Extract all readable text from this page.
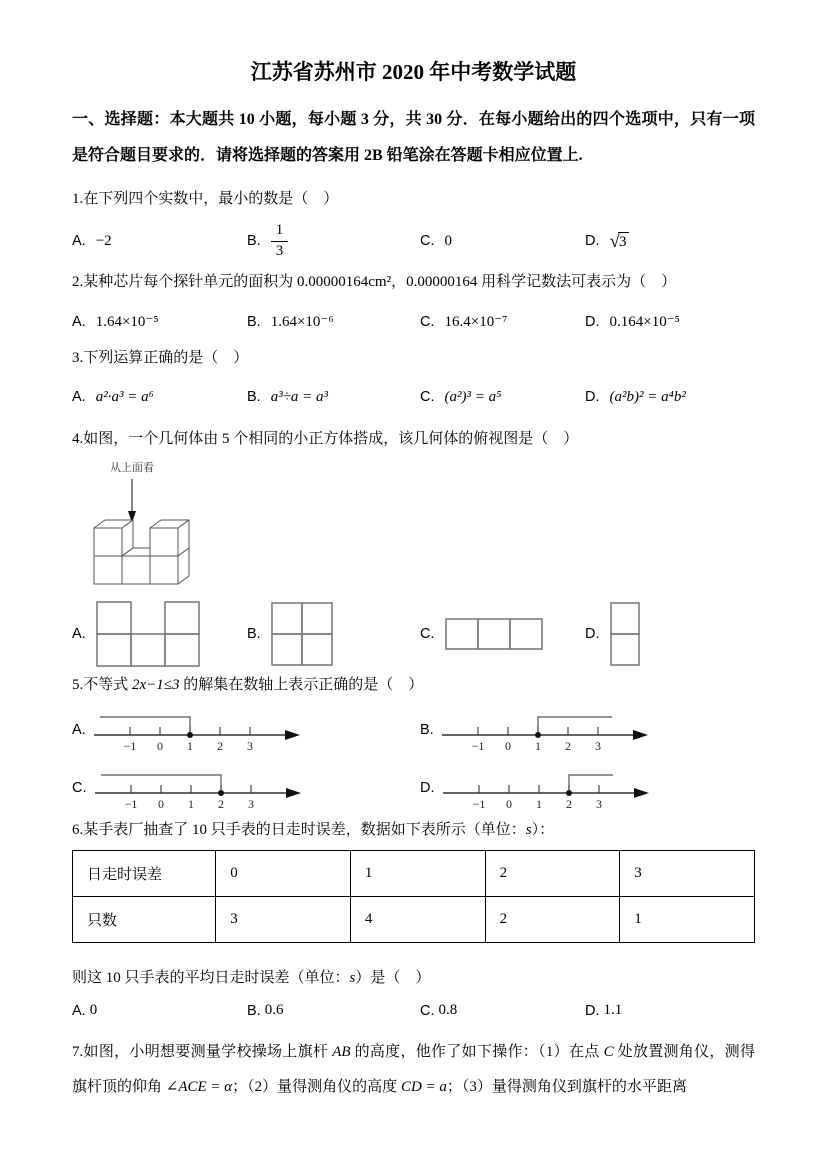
江苏省苏州市 2020 年中考数学试题
一、选择题：本大题共 10 小题，每小题 3 分，共 30 分．在每小题给出的四个选项中，只有一项是符合题目要求的．请将选择题的答案用 2B 铅笔涂在答题卡相应位置上.

1.在下列四个实数中，最小的数是（　）

A. −2	B. $\frac{1}{3}$	C. 0	D. √ 3

2.某种芯片每个探针单元的面积为 0.00000164cm²，0.00000164 用科学记数法可表示为（　）

A. 1.64×10⁻⁵	B. 1.64×10⁻⁶	C. 16.4×10⁻⁷	D. 0.164×10⁻⁵

3.下列运算正确的是（　）

A. a²·a³ = a⁶	B. a³÷a = a³	C. (a²)³ = a⁵	D. (a²b)² = a⁴b²

4.如图，一个几何体由 5 个相同的小正方体搭成，该几何体的俯视图是（　）

从上面看
A.	B.	C.	D.

5.不等式 2x−1≤3 的解集在数轴上表示正确的是（　）

A.
−1 0 1 2 3
B.
−1 0 1 2 3
C.
−1 0 1 2 3
D.
−1 0 1 2 3

6.某手表厂抽查了 10 只手表的日走时误差，数据如下表所示（单位：s）：

日走时误差	0	1	2	3
只数	3	4	2	1

则这 10 只手表的平均日走时误差（单位：s）是（　）

A. 0	B. 0.6	C. 0.8	D. 1.1

7.如图，小明想要测量学校操场上旗杆 AB 的高度，他作了如下操作：（1）在点 C 处放置测角仪，测得旗杆顶的仰角 ∠ACE = α；（2）量得测角仪的高度 CD = a；（3）量得测角仪到旗杆的水平距离
